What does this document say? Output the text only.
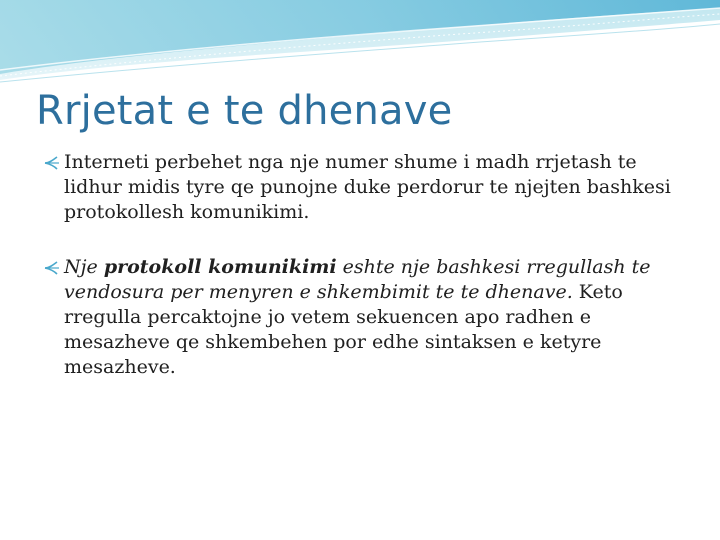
Rrjetat e te dhenave
Interneti perbehet nga nje numer shume i madh rrjetash te lidhur midis tyre qe punojne duke perdorur te njejten bashkesi protokollesh komunikimi.
Nje protokoll komunikimi eshte nje bashkesi rregullash te vendosura per menyren e shkembimit te te dhenave. Keto rregulla percaktojne jo vetem sekuencen apo radhen e mesazheve qe shkembehen por edhe sintaksen e ketyre mesazheve.
